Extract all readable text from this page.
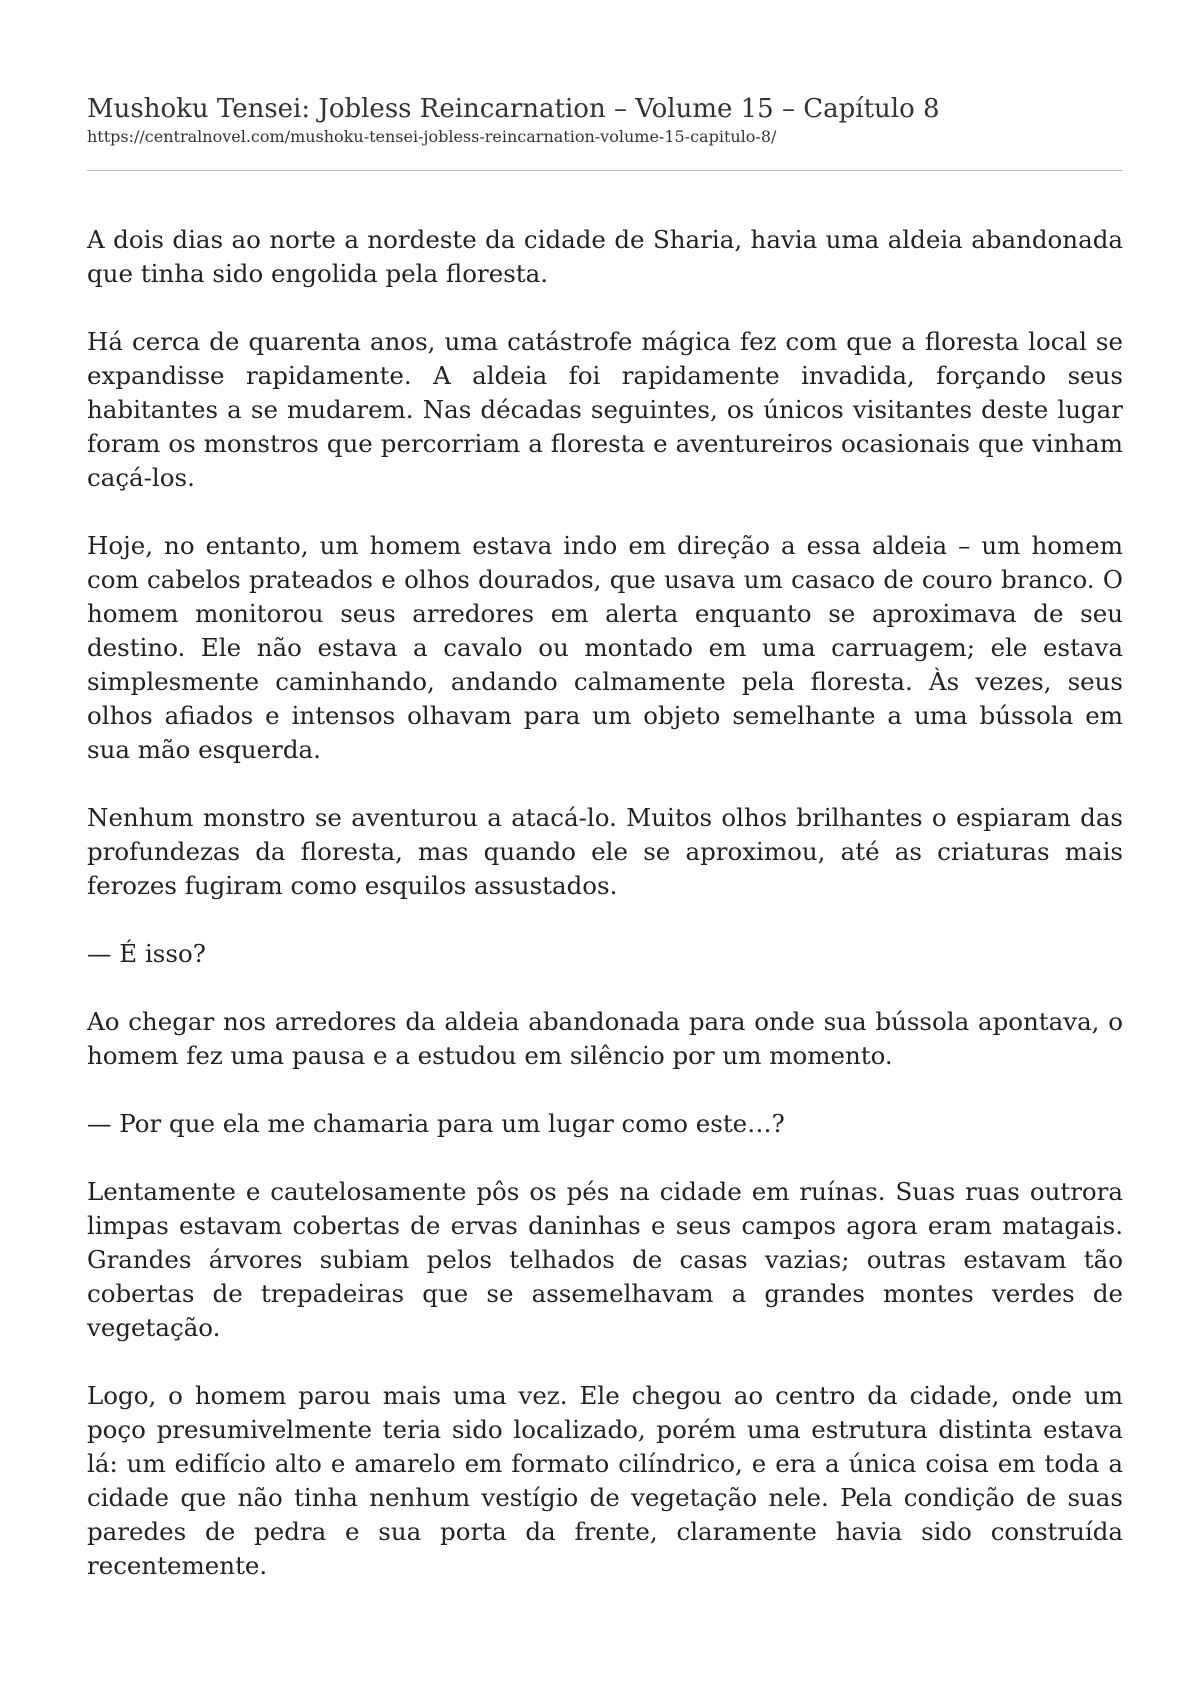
Mushoku Tensei: Jobless Reincarnation – Volume 15 – Capítulo 8
https://centralnovel.com/mushoku-tensei-jobless-reincarnation-volume-15-capitulo-8/

A dois dias ao norte a nordeste da cidade de Sharia, havia uma aldeia abandonada que tinha sido engolida pela floresta.

Há cerca de quarenta anos, uma catástrofe mágica fez com que a floresta local se expandisse rapidamente. A aldeia foi rapidamente invadida, forçando seus habitantes a se mudarem. Nas décadas seguintes, os únicos visitantes deste lugar foram os monstros que percorriam a floresta e aventureiros ocasionais que vinham caçá-los.

Hoje, no entanto, um homem estava indo em direção a essa aldeia – um homem com cabelos prateados e olhos dourados, que usava um casaco de couro branco. O homem monitorou seus arredores em alerta enquanto se aproximava de seu destino. Ele não estava a cavalo ou montado em uma carruagem; ele estava simplesmente caminhando, andando calmamente pela floresta. Às vezes, seus olhos afiados e intensos olhavam para um objeto semelhante a uma bússola em sua mão esquerda.

Nenhum monstro se aventurou a atacá-lo. Muitos olhos brilhantes o espiaram das profundezas da floresta, mas quando ele se aproximou, até as criaturas mais ferozes fugiram como esquilos assustados.

— É isso?

Ao chegar nos arredores da aldeia abandonada para onde sua bússola apontava, o homem fez uma pausa e a estudou em silêncio por um momento.

— Por que ela me chamaria para um lugar como este…?

Lentamente e cautelosamente pôs os pés na cidade em ruínas. Suas ruas outrora limpas estavam cobertas de ervas daninhas e seus campos agora eram matagais. Grandes árvores subiam pelos telhados de casas vazias; outras estavam tão cobertas de trepadeiras que se assemelhavam a grandes montes verdes de vegetação.

Logo, o homem parou mais uma vez. Ele chegou ao centro da cidade, onde um poço presumivelmente teria sido localizado, porém uma estrutura distinta estava lá: um edifício alto e amarelo em formato cilíndrico, e era a única coisa em toda a cidade que não tinha nenhum vestígio de vegetação nele. Pela condição de suas paredes de pedra e sua porta da frente, claramente havia sido construída recentemente.
